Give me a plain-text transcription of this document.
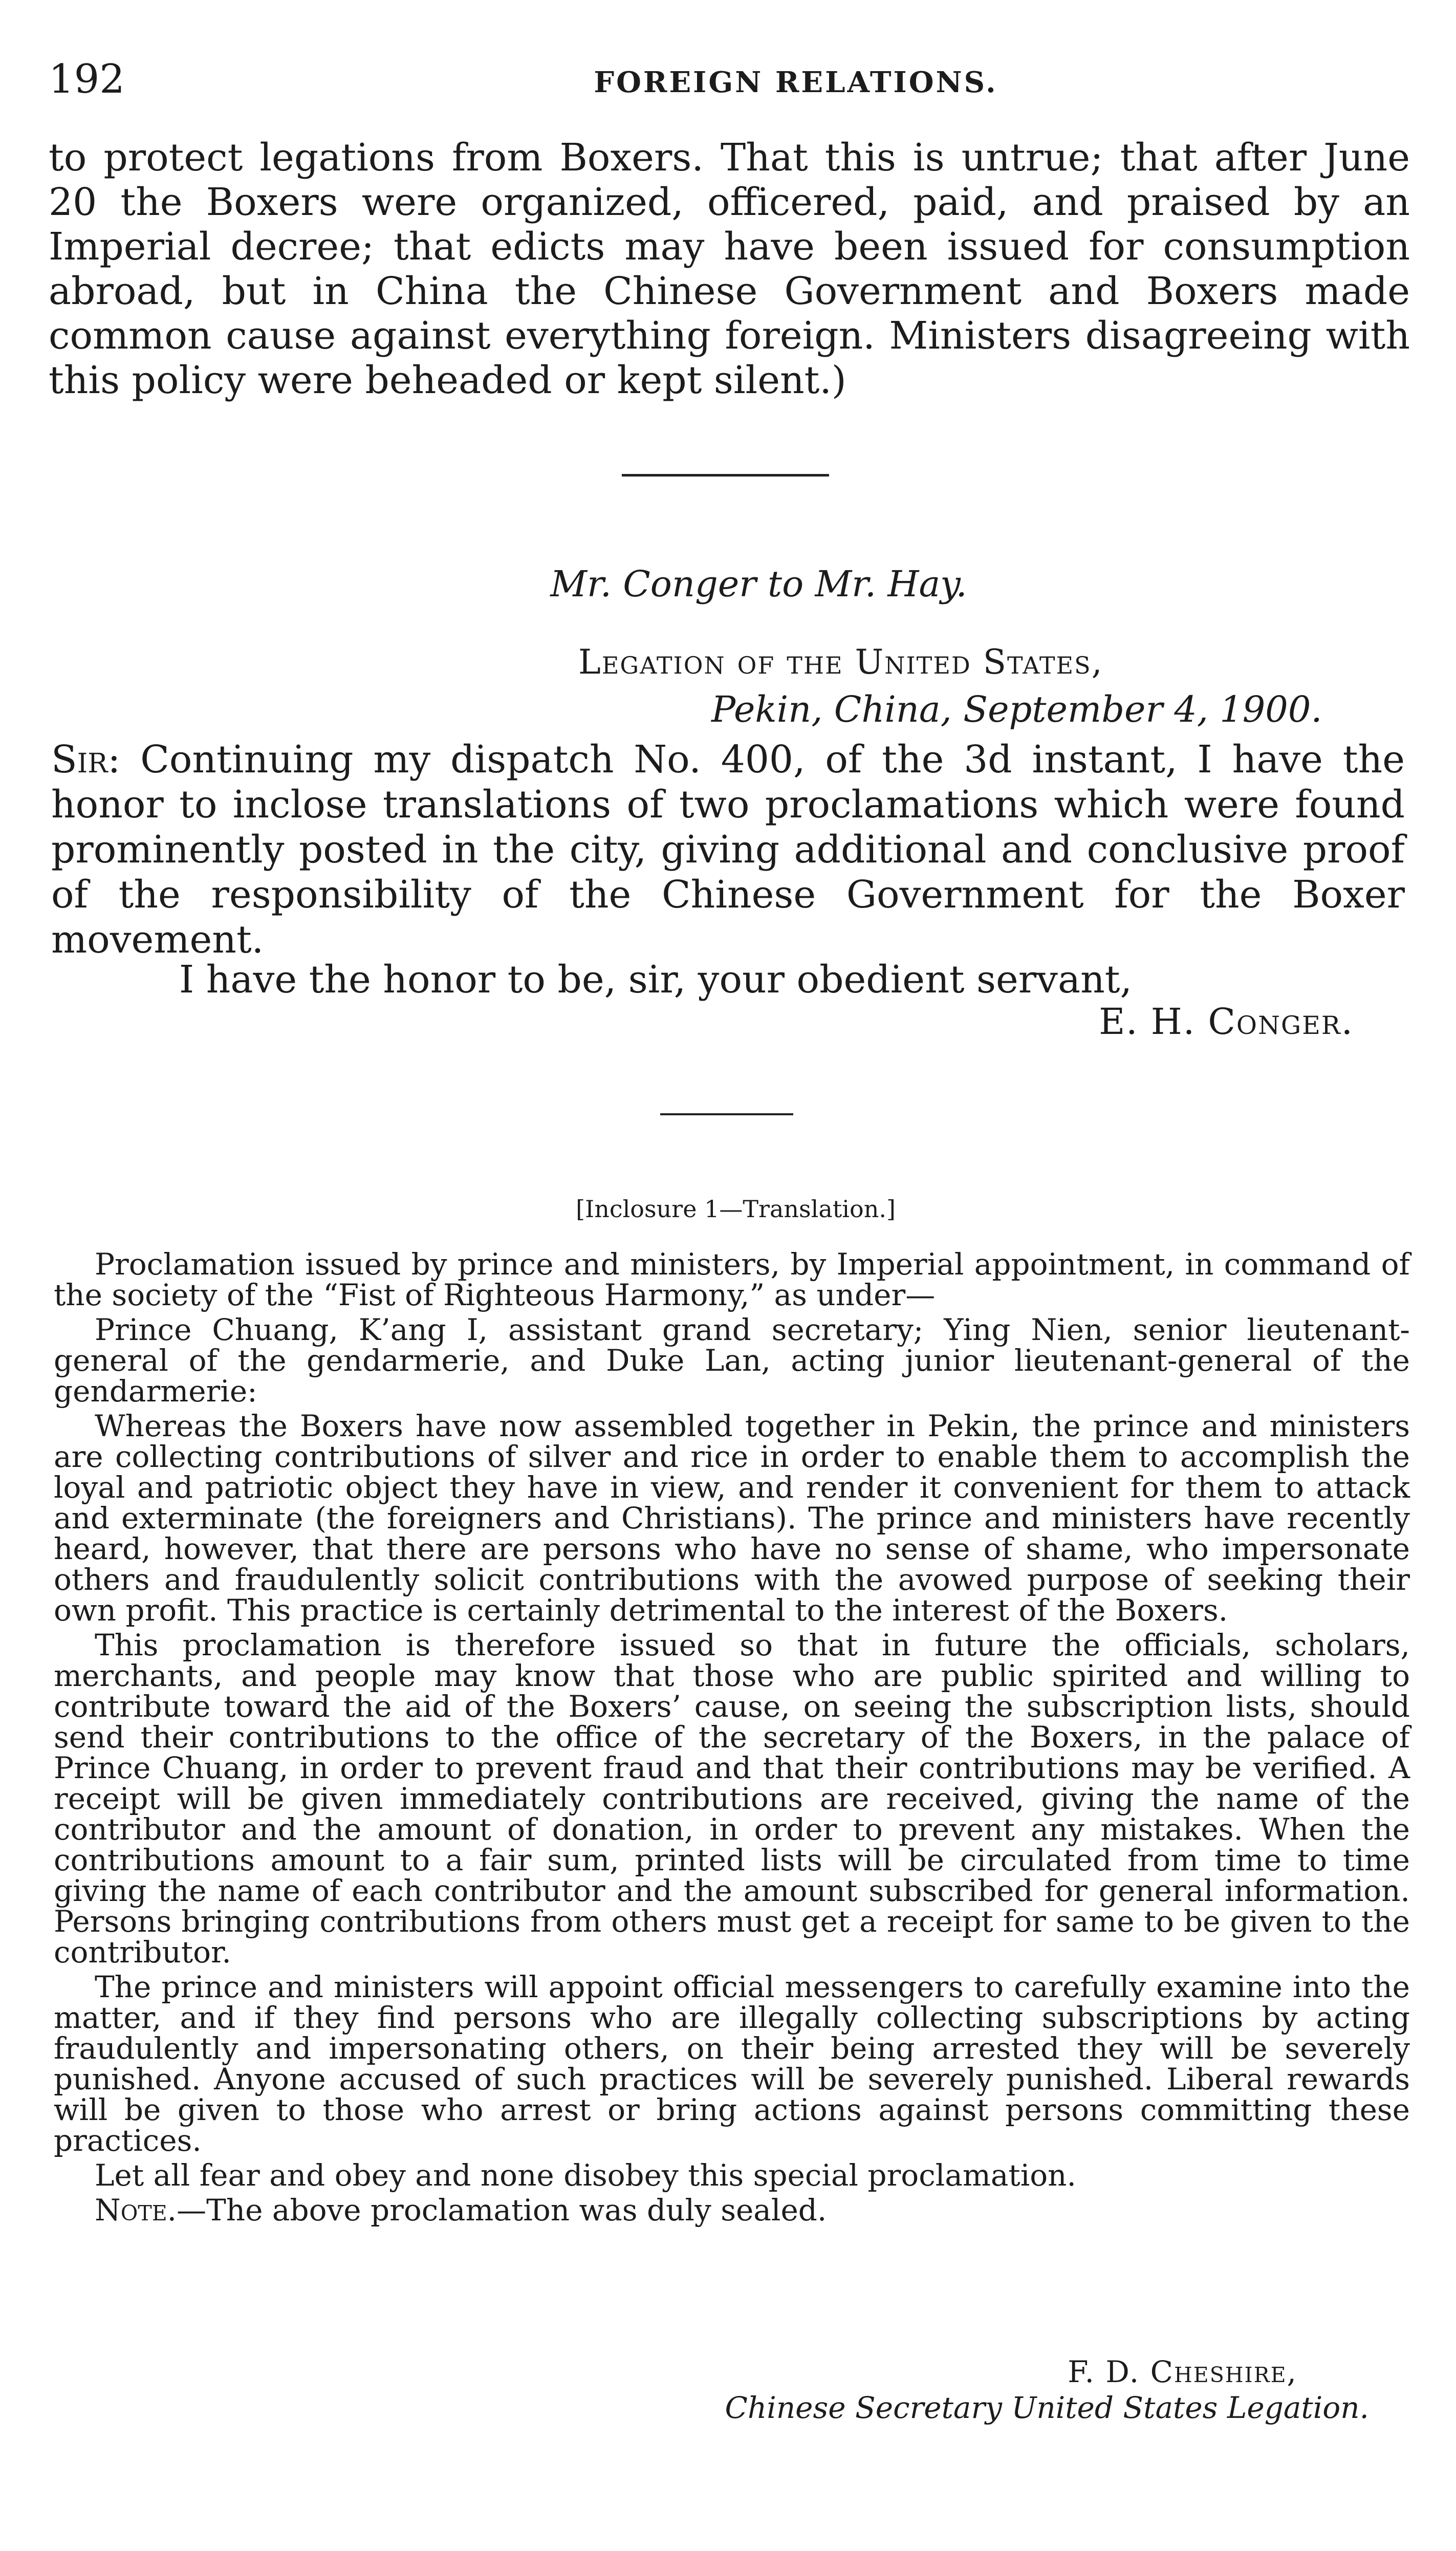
192	FOREIGN RELATIONS.

to protect legations from Boxers. That this is untrue; that after June 20 the Boxers were organized, officered, paid, and praised by an Imperial decree; that edicts may have been issued for consumption abroad, but in China the Chinese Government and Boxers made common cause against everything foreign. Ministers disagreeing with this policy were beheaded or kept silent.)

Mr. Conger to Mr. Hay.
Legation of the United States,
Pekin, China, September 4, 1900.

Sir: Continuing my dispatch No. 400, of the 3d instant, I have the honor to inclose translations of two proclamations which were found prominently posted in the city, giving additional and conclusive proof of the responsibility of the Chinese Government for the Boxer movement.

I have the honor to be, sir, your obedient servant,
E. H. Conger.
[Inclosure 1—Translation.]

Proclamation issued by prince and ministers, by Imperial appointment, in command of the society of the “Fist of Righteous Harmony,” as under—

Prince Chuang, K’ang I, assistant grand secretary; Ying Nien, senior lieutenant-general of the gendarmerie, and Duke Lan, acting junior lieutenant-general of the gendarmerie:

Whereas the Boxers have now assembled together in Pekin, the prince and ministers are collecting contributions of silver and rice in order to enable them to accomplish the loyal and patriotic object they have in view, and render it convenient for them to attack and exterminate (the foreigners and Christians). The prince and ministers have recently heard, however, that there are persons who have no sense of shame, who impersonate others and fraudulently solicit contributions with the avowed purpose of seeking their own profit. This practice is certainly detrimental to the interest of the Boxers.

This proclamation is therefore issued so that in future the officials, scholars, merchants, and people may know that those who are public spirited and willing to contribute toward the aid of the Boxers’ cause, on seeing the subscription lists, should send their contributions to the office of the secretary of the Boxers, in the palace of Prince Chuang, in order to prevent fraud and that their contributions may be verified. A receipt will be given immediately contributions are received, giving the name of the contributor and the amount of donation, in order to prevent any mistakes. When the contributions amount to a fair sum, printed lists will be circulated from time to time giving the name of each contributor and the amount subscribed for general information. Persons bringing contributions from others must get a receipt for same to be given to the contributor.

The prince and ministers will appoint official messengers to carefully examine into the matter, and if they find persons who are illegally collecting subscriptions by acting fraudulently and impersonating others, on their being arrested they will be severely punished. Anyone accused of such practices will be severely punished. Liberal rewards will be given to those who arrest or bring actions against persons committing these practices.

Let all fear and obey and none disobey this special proclamation.

Note.—The above proclamation was duly sealed.

F. D. Cheshire,
Chinese Secretary United States Legation.
